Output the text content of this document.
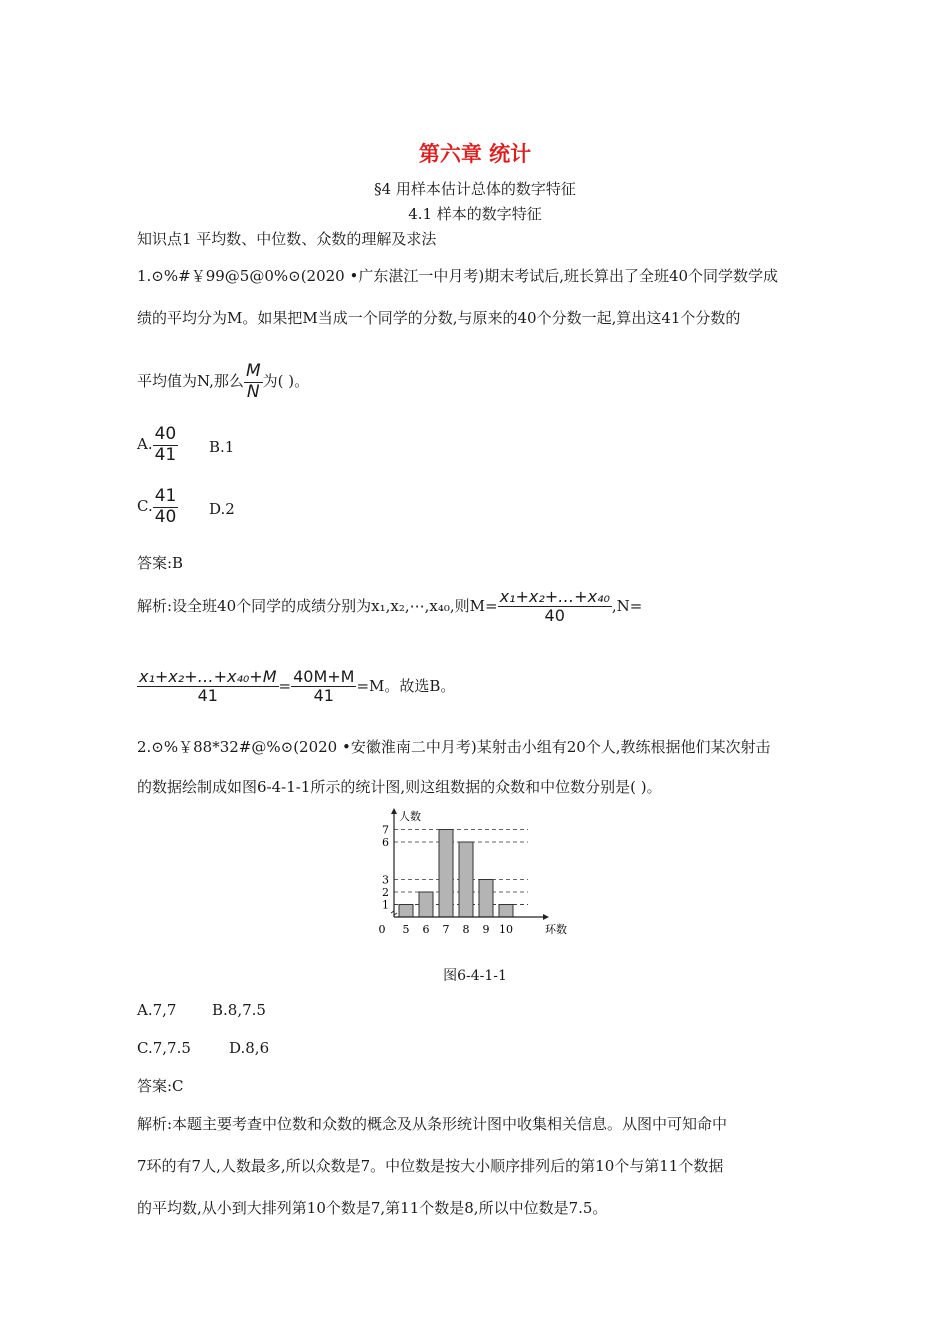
第六章 统计
§4 用样本估计总体的数字特征
4.1 样本的数字特征
知识点1 平均数、中位数、众数的理解及求法
1.⊙%#￥99@5@0%⊙(2020 •广东湛江一中月考)期末考试后,班长算出了全班40个同学数学成
绩的平均分为M。如果把M当成一个同学的分数,与原来的40个分数一起,算出这41个分数的
平均值为N,那么 $\frac{M}{N}$ 为( )。
A. $\frac{40}{41} B.1$
C. $\frac{41}{40} D.2$
答案:B
解析:设全班40个同学的成绩分别为x₁,x₂,⋯,x₄₀,则$M= \frac{\text{x₁+x₂+…+x₄₀}}{40} ,N=$
$\frac{\text{x₁+x₂+…+x₄₀+M}}{41} = \frac{40M+M}{41} =M$。故选B。
2.⊙%￥88*32#@%⊙(2020 •安徽淮南二中月考)某射击小组有20个人,教练根据他们某次射击
的数据绘制成如图6-4-1-1所示的统计图,则这组数据的众数和中位数分别是( )。
1
2
3
6
7
5 6 7 8 9 10
0	环数
人数
图6-4-1-1
A.7,7 B.8,7.5
C.7,7.5	D.8,6
答案:C
解析:本题主要考查中位数和众数的概念及从条形统计图中收集相关信息。从图中可知命中
7环的有7人,人数最多,所以众数是7。中位数是按大小顺序排列后的第10个与第11个数据
的平均数,从小到大排列第10个数是7,第11个数是8,所以中位数是7.5。
